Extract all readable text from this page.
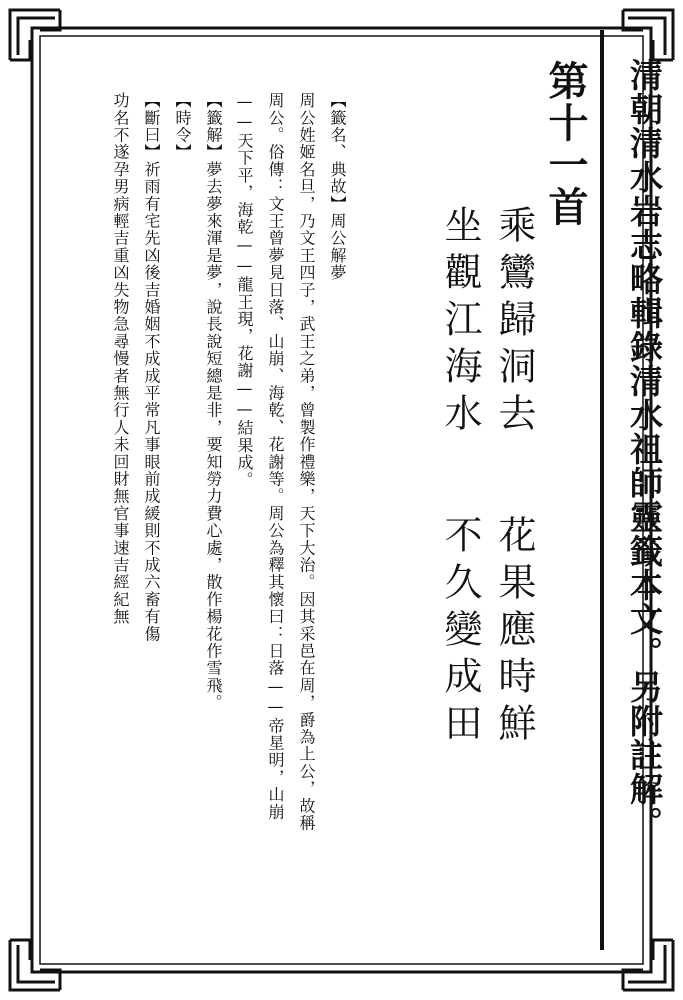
清朝清水岩志略輯錄清水祖師靈籤本文。另附註解。
第十一首
乘鸞歸洞去
坐觀江海水
花果應時鮮
不久變成田

【籤名、典故】周公解夢

周公姓姬名旦，乃文王四子，武王之弟，曾製作禮樂，天下大治。因其采邑在周，爵為上公，故稱周公。俗傳：文王曾夢見日落、山崩、海乾、花謝等。周公為釋其懷曰：日落——帝星明，山崩——天下平，海乾——龍王現，花謝——結果成。

【籤解】夢去夢來渾是夢，說長說短總是非，要知勞力費心處，散作楊花作雪飛。

【時令】

【斷曰】祈雨有宅先凶後吉婚姻不成成平常凡事眼前成緩則不成六畜有傷

功名不遂孕男病輕吉重凶失物急尋慢者無行人未回財無官事速吉經紀無
